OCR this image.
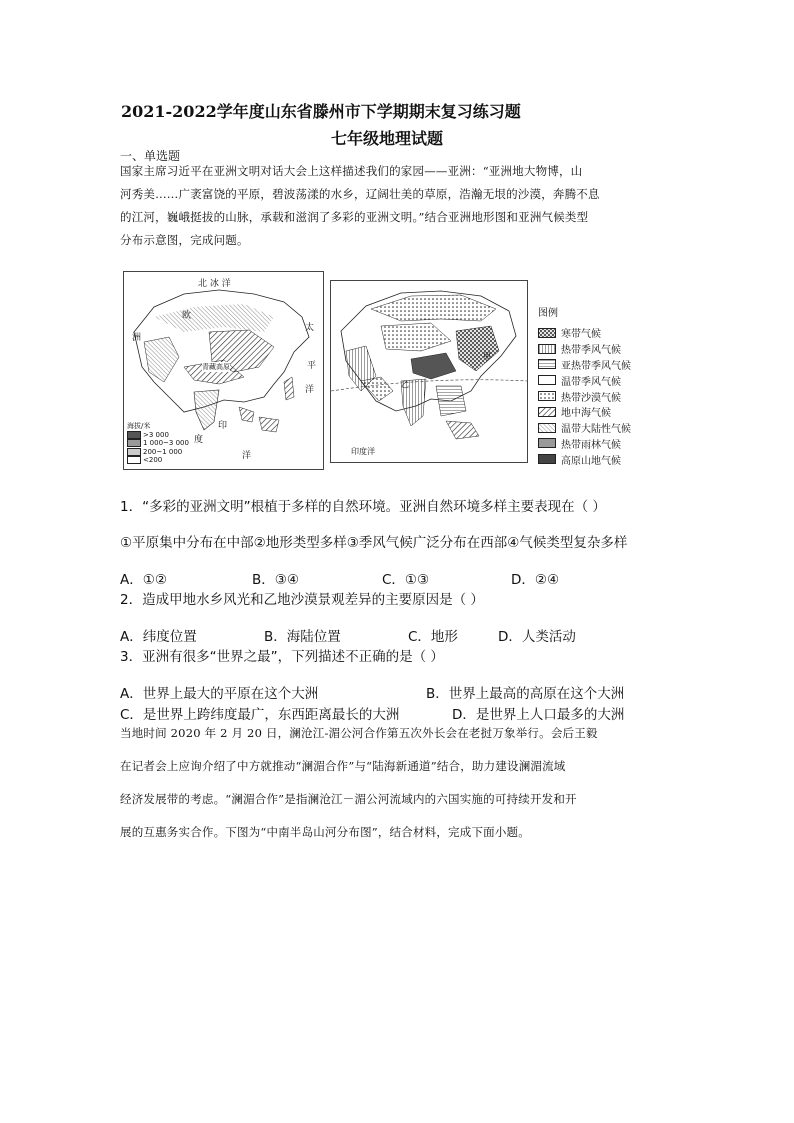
2021-2022学年度山东省滕州市下学期期末复习练习题
七年级地理试题
一、单选题
国家主席习近平在亚洲文明对话大会上这样描述我们的家园——亚洲：“亚洲地大物博，山
河秀美……广袤富饶的平原，碧波荡漾的水乡，辽阔壮美的草原，浩瀚无垠的沙漠，奔腾不息
的江河，巍峨挺拔的山脉，承载和滋润了多彩的亚洲文明。”结合亚洲地形图和亚洲气候类型
分布示意图，完成问题。
北 冰 洋
欧
洲
太
平
洋
青藏高原
印
度
洋
海拔/米
>3 000
1 000~3 000
200~1 000
<200
乙
甲
印度洋
图例
寒带气候
热带季风气候
亚热带季风气候
温带季风气候
热带沙漠气候
地中海气候
温带大陆性气候
热带雨林气候
高原山地气候
1．“多彩的亚洲文明”根植于多样的自然环境。亚洲自然环境多样主要表现在（ ）
①平原集中分布在中部②地形类型多样③季风气候广泛分布在西部④气候类型复杂多样
A．①②	B．③④	C．①③	D．②④
2．造成甲地水乡风光和乙地沙漠景观差异的主要原因是（ ）
A．纬度位置	B．海陆位置	C．地形	D．人类活动
3．亚洲有很多“世界之最”，下列描述不正确的是（ ）
A．世界上最大的平原在这个大洲	B．世界上最高的高原在这个大洲
C．是世界上跨纬度最广，东西距离最长的大洲	D．是世界上人口最多的大洲
当地时间 2020 年 2 月 20 日，澜沧江-湄公河合作第五次外长会在老挝万象举行。会后王毅
在记者会上应询介绍了中方就推动“澜湄合作”与“陆海新通道”结合，助力建设澜湄流域
经济发展带的考虑。“澜湄合作”是指澜沧江－湄公河流域内的六国实施的可持续开发和开
展的互惠务实合作。下图为“中南半岛山河分布图”，结合材料，完成下面小题。
